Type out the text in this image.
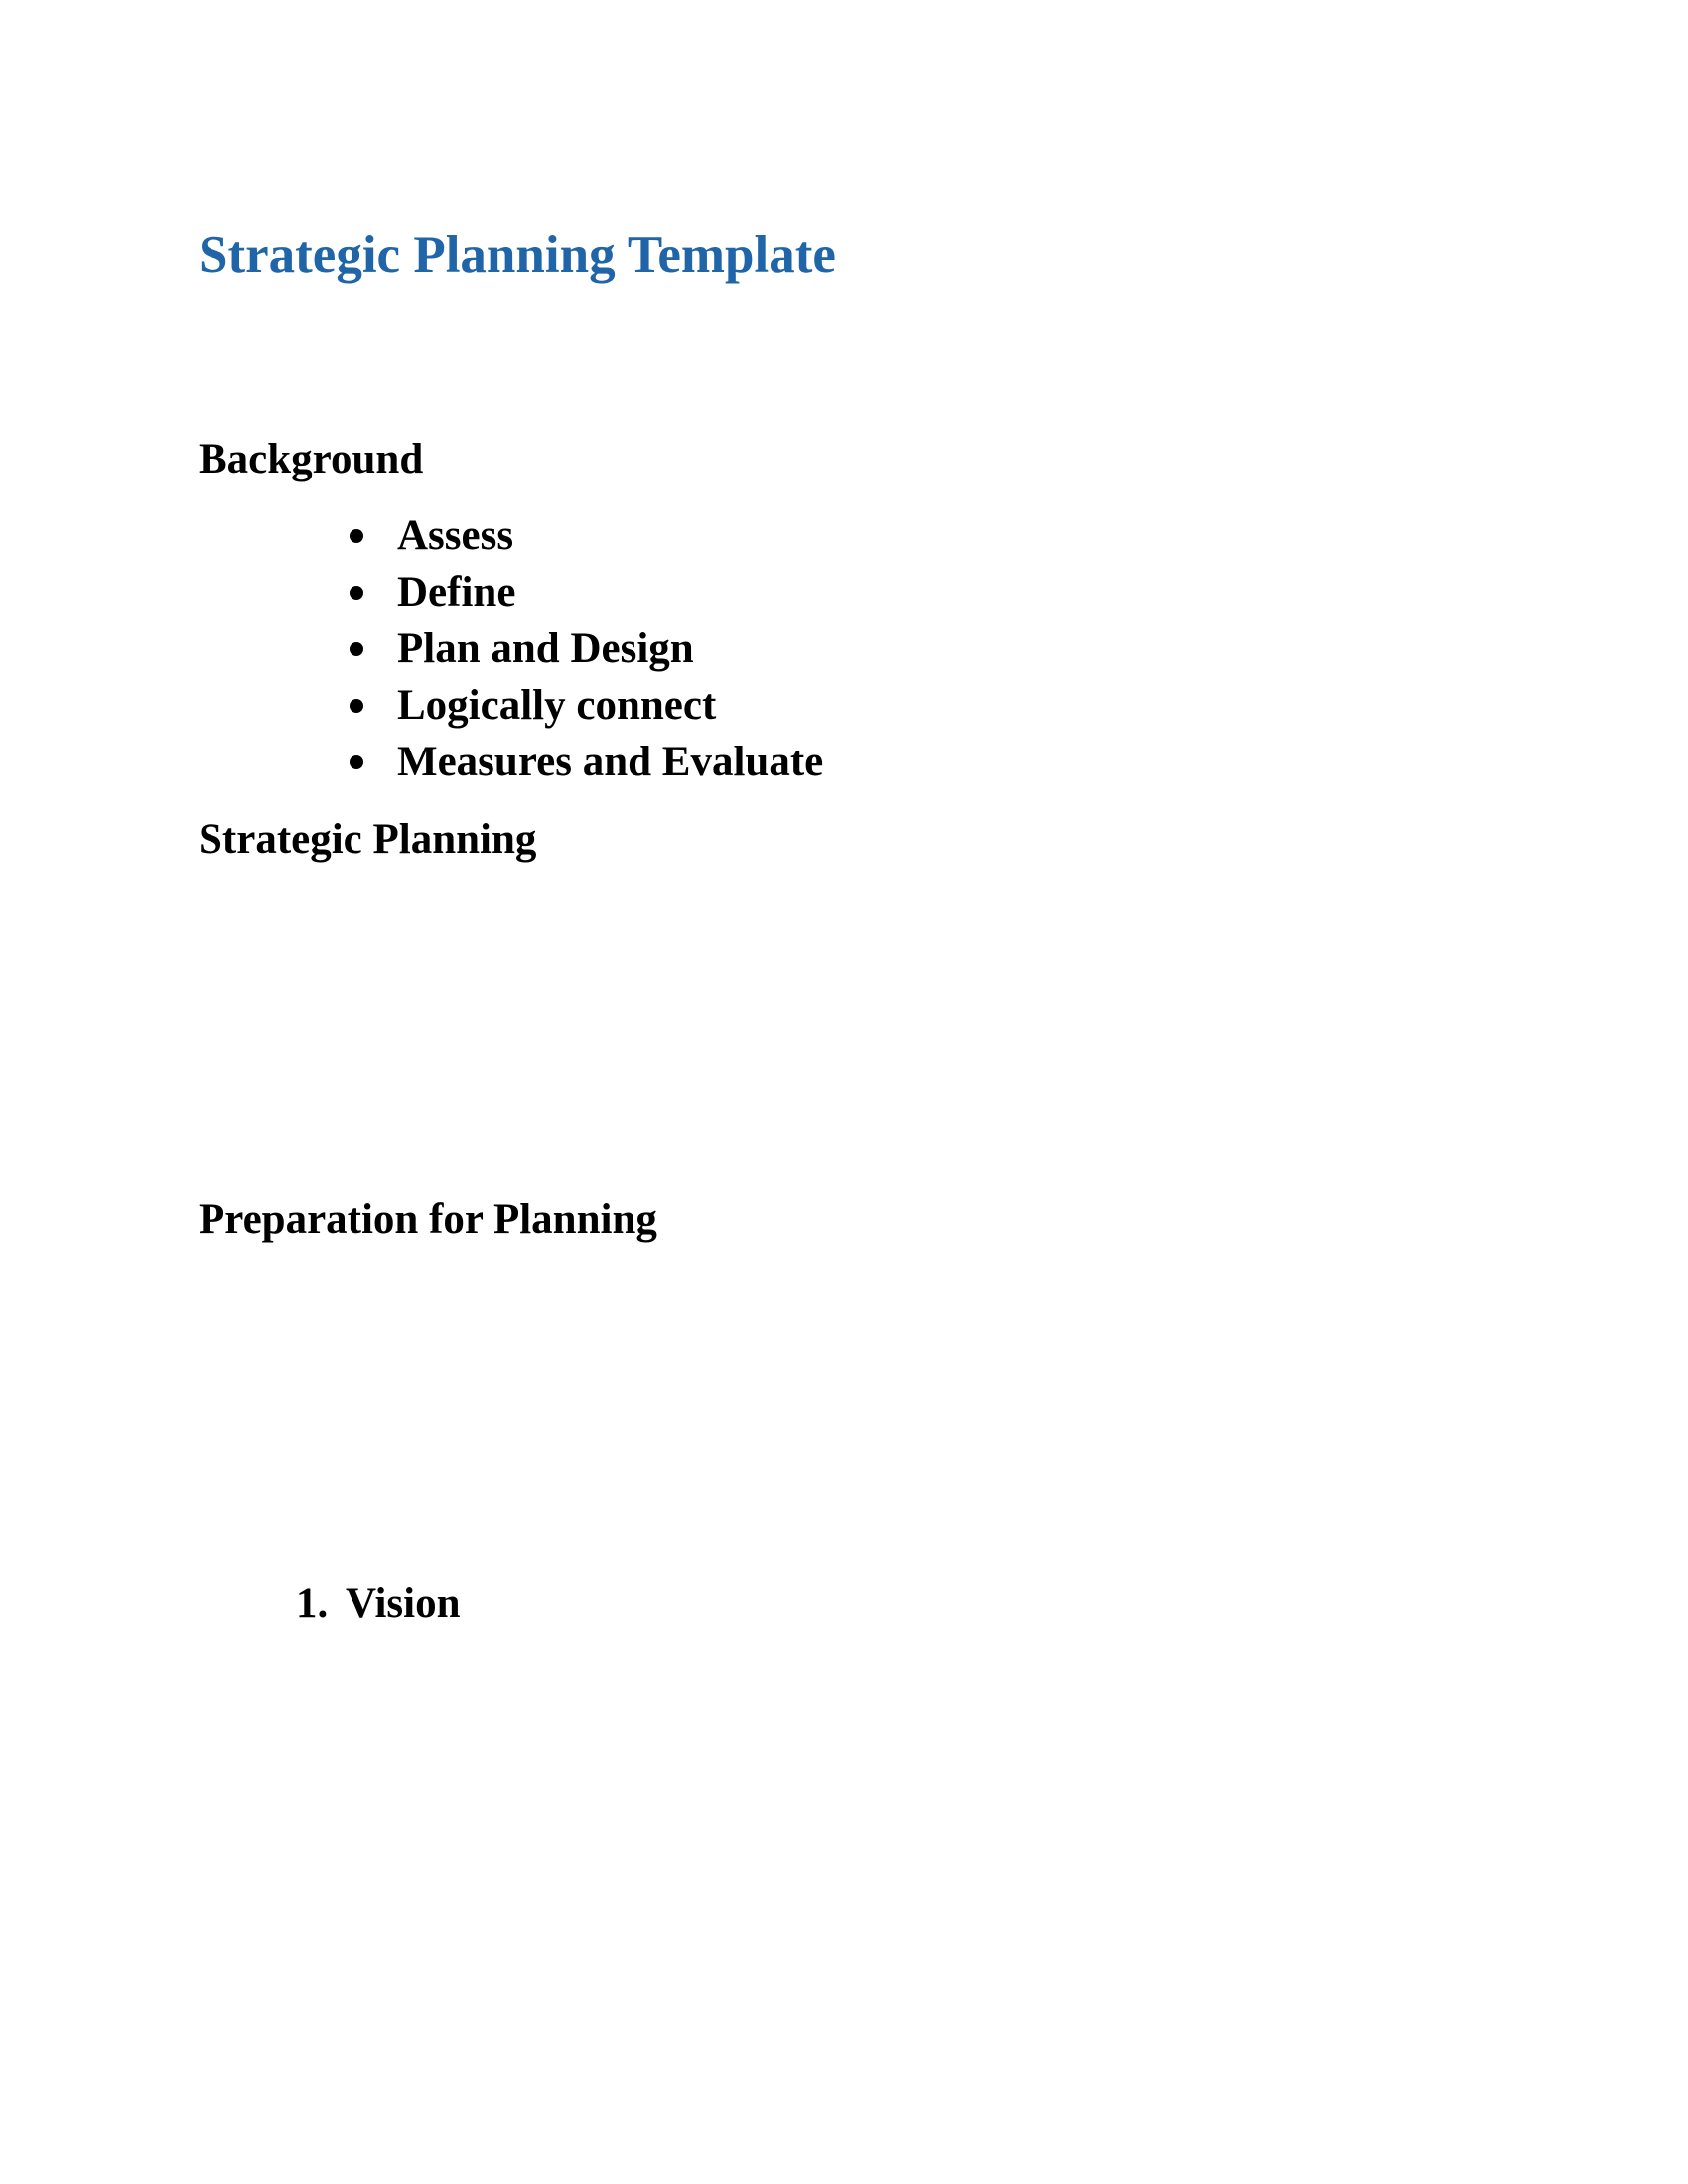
Strategic Planning Template
Background
Assess
Define
Plan and Design
Logically connect
Measures and Evaluate
Strategic Planning
Preparation for Planning
1. Vision
